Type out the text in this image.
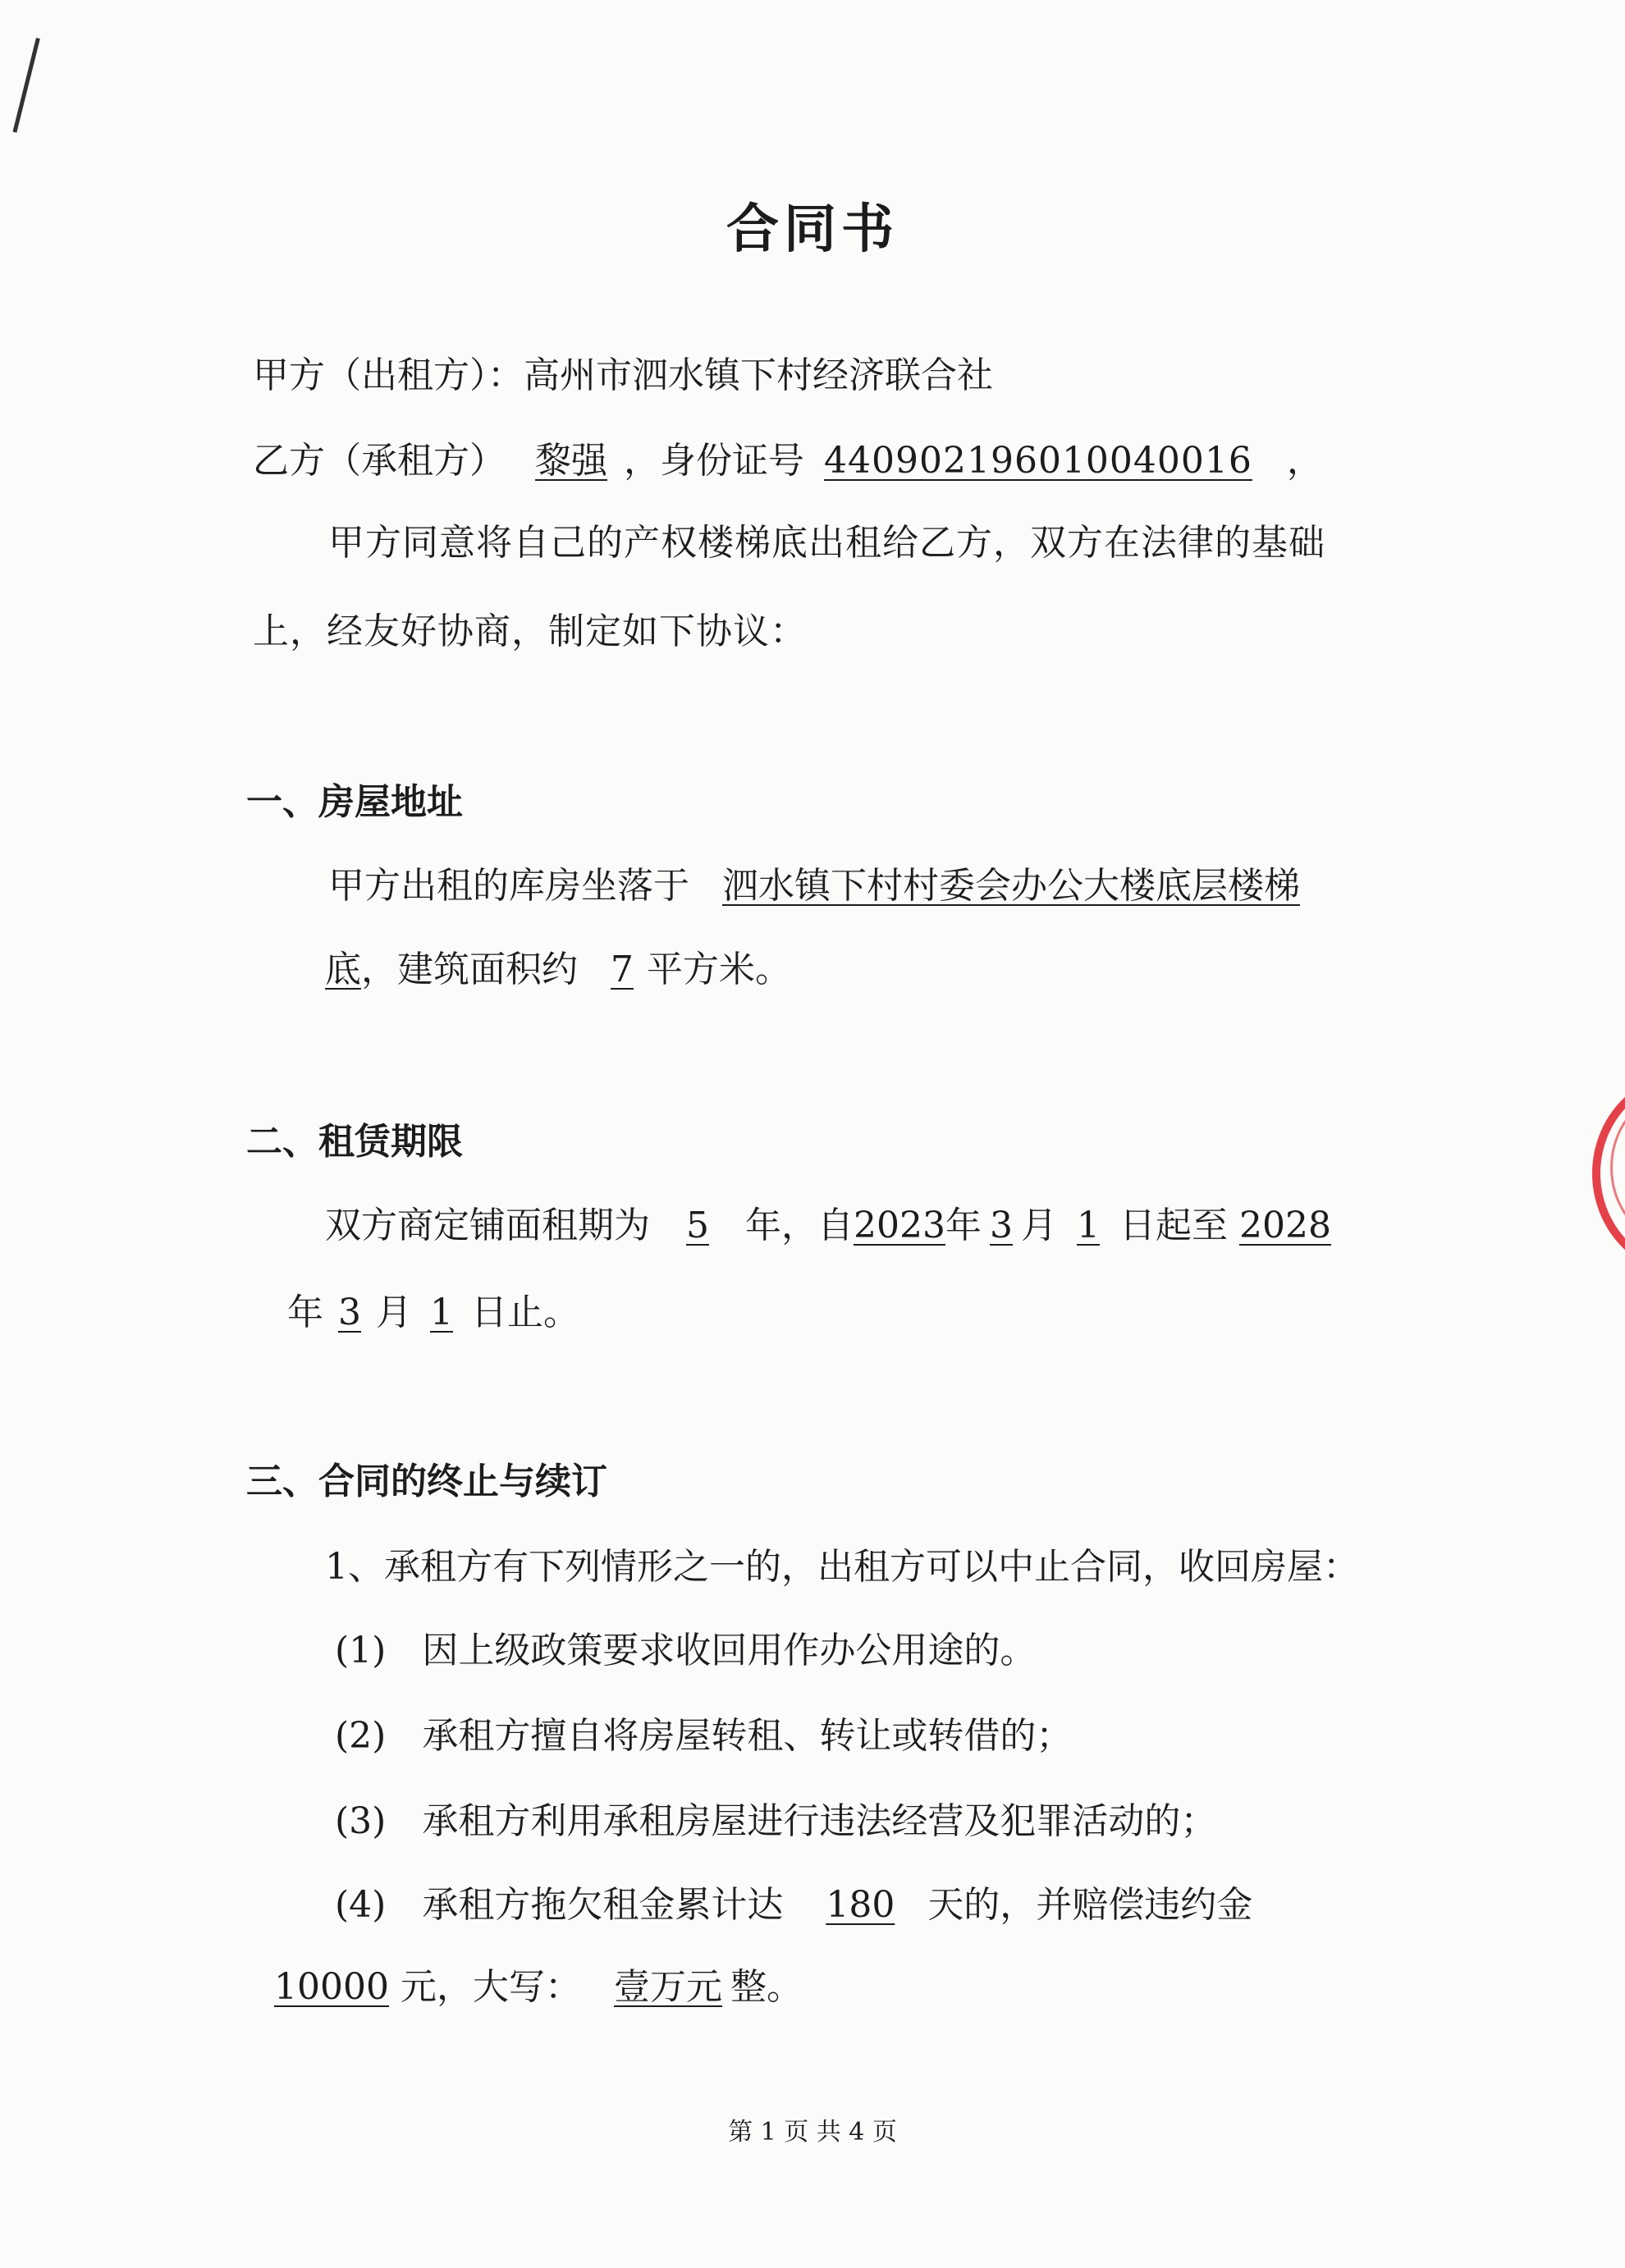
合同书
甲方（出租方）：高州市泗水镇下村经济联合社
乙方（承租方） 黎强 ，身份证号 440902196010040016 ，
甲方同意将自己的产权楼梯底出租给乙方，双方在法律的基础
上，经友好协商，制定如下协议：
一、房屋地址
甲方出租的库房坐落于 泗水镇下村村委会办公大楼底层楼梯
底，建筑面积约 7 平方米。
二、租赁期限
双方商定铺面租期为 5 年，自2023年 3 月 1 日起至 2028
年 3 月 1 日止。
三、合同的终止与续订
1、承租方有下列情形之一的，出租方可以中止合同，收回房屋：
(1) 因上级政策要求收回用作办公用途的。
(2) 承租方擅自将房屋转租、转让或转借的；
(3) 承租方利用承租房屋进行违法经营及犯罪活动的；
(4) 承租方拖欠租金累计达 180 天的，并赔偿违约金
10000 元，大写： 壹万元 整。
第 1 页 共 4 页
